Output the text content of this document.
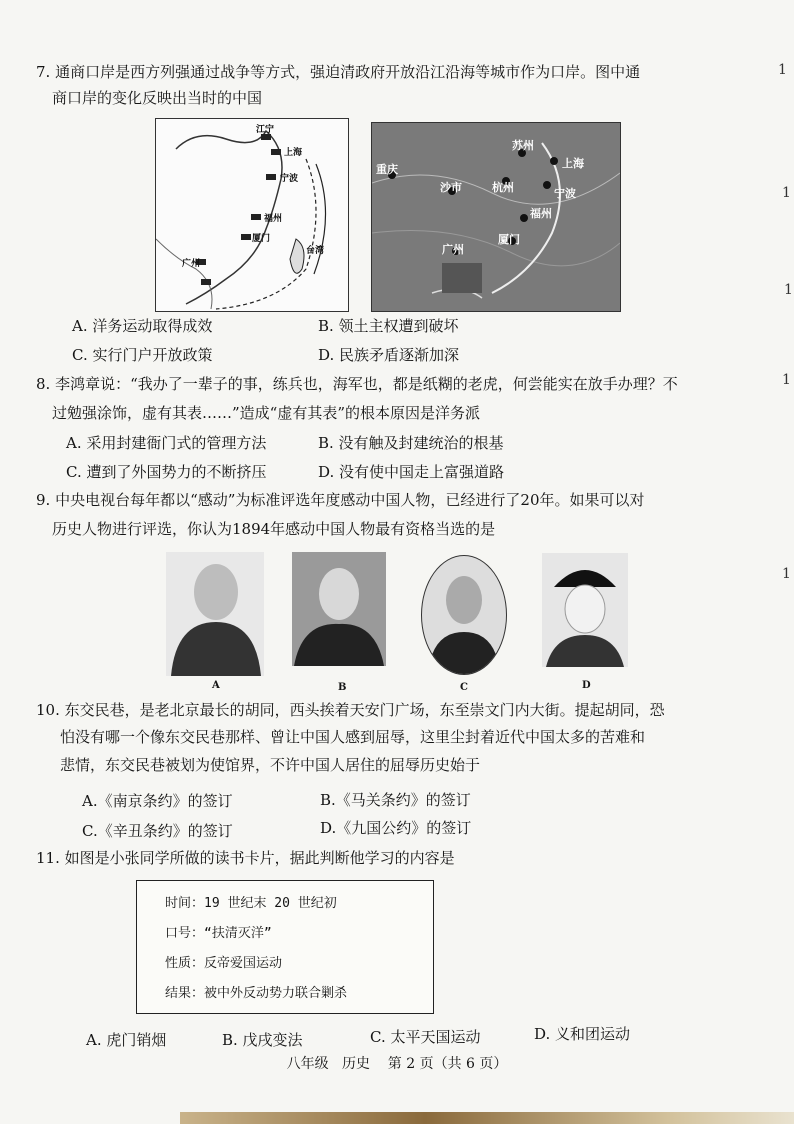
1
1
1
1
1
7. 通商口岸是西方列强通过战争等方式，强迫清政府开放沿江沿海等城市作为口岸。图中通
商口岸的变化反映出当时的中国
江宁
上海
宁波
福州
厦门
广州
台湾
苏州
上海
重庆
沙市	杭州	宁波
福州
厦门
广州
A. 洋务运动取得成效	B. 领土主权遭到破坏
C. 实行门户开放政策	D. 民族矛盾逐渐加深
8. 李鸿章说：“我办了一辈子的事，练兵也，海军也，都是纸糊的老虎，何尝能实在放手办理？不
过勉强涂饰，虚有其表……”造成“虚有其表”的根本原因是洋务派
A. 采用封建衙门式的管理方法	B. 没有触及封建统治的根基
C. 遭到了外国势力的不断挤压	D. 没有使中国走上富强道路
9. 中央电视台每年都以“感动”为标准评选年度感动中国人物，已经进行了20年。如果可以对
历史人物进行评选，你认为1894年感动中国人物最有资格当选的是
A	B	C	D
10. 东交民巷，是老北京最长的胡同，西头挨着天安门广场，东至崇文门内大街。提起胡同，恐
怕没有哪一个像东交民巷那样、曾让中国人感到屈辱，这里尘封着近代中国太多的苦难和
悲情，东交民巷被划为使馆界，不许中国人居住的屈辱历史始于
A.《南京条约》的签订	B.《马关条约》的签订
C.《辛丑条约》的签订	D.《九国公约》的签订
11. 如图是小张同学所做的读书卡片，据此判断他学习的内容是
时间：19 世纪末 20 世纪初
口号：“扶清灭洋”
性质：反帝爱国运动
结果：被中外反动势力联合剿杀
A. 虎门销烟	B. 戊戌变法	C. 太平天国运动	D. 义和团运动
八年级   历史    第 2 页（共 6 页）
